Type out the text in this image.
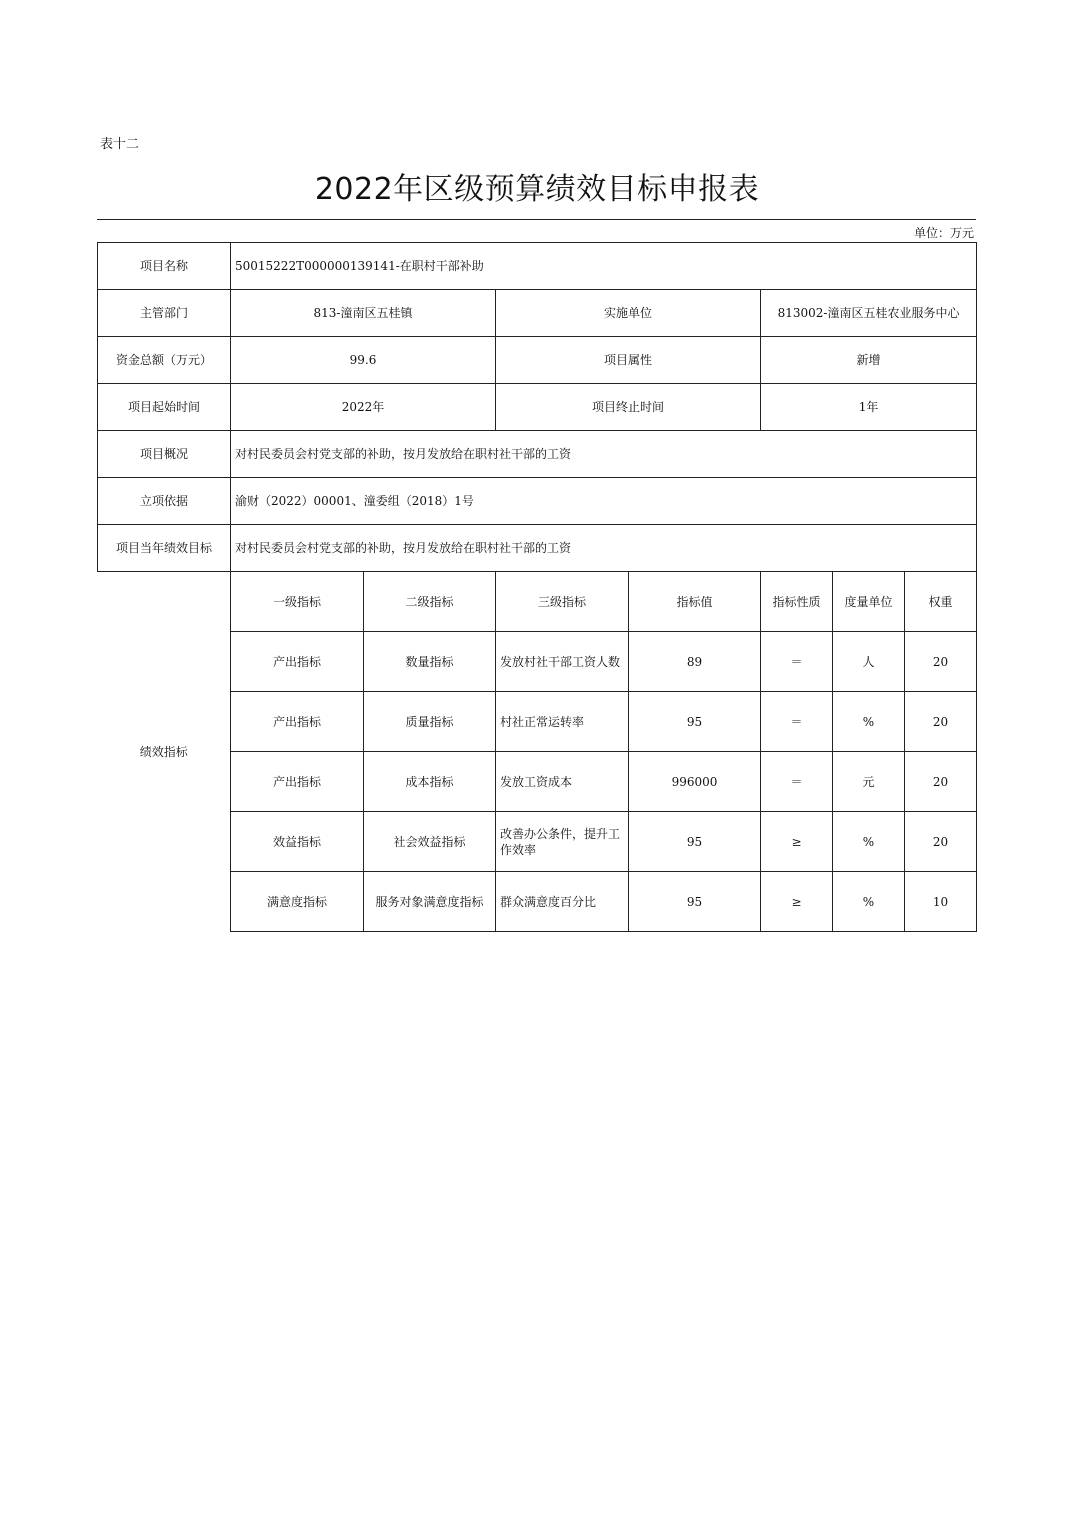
表十二
2022年区级预算绩效目标申报表
单位：万元
项目名称	50015222T000000139141-在职村干部补助						
主管部门	813-潼南区五桂镇		实施单位		813002-潼南区五桂农业服务中心		
资金总额（万元）	99.6		项目属性		新增		
项目起始时间	2022年		项目终止时间		1年		
项目概况	对村民委员会村党支部的补助，按月发放给在职村社干部的工资						
立项依据	渝财（2022）00001、潼委组（2018）1号						
项目当年绩效目标	对村民委员会村党支部的补助，按月发放给在职村社干部的工资						
绩效指标	一级指标	二级指标	三级指标	指标值	指标性质	度量单位	权重
	产出指标	数量指标	发放村社干部工资人数	89	＝	人	20
	产出指标	质量指标	村社正常运转率	95	＝	%	20
	产出指标	成本指标	发放工资成本	996000	＝	元	20
	效益指标	社会效益指标	改善办公条件，提升工作效率	95	≥	%	20
	满意度指标	服务对象满意度指标	群众满意度百分比	95	≥	%	10
